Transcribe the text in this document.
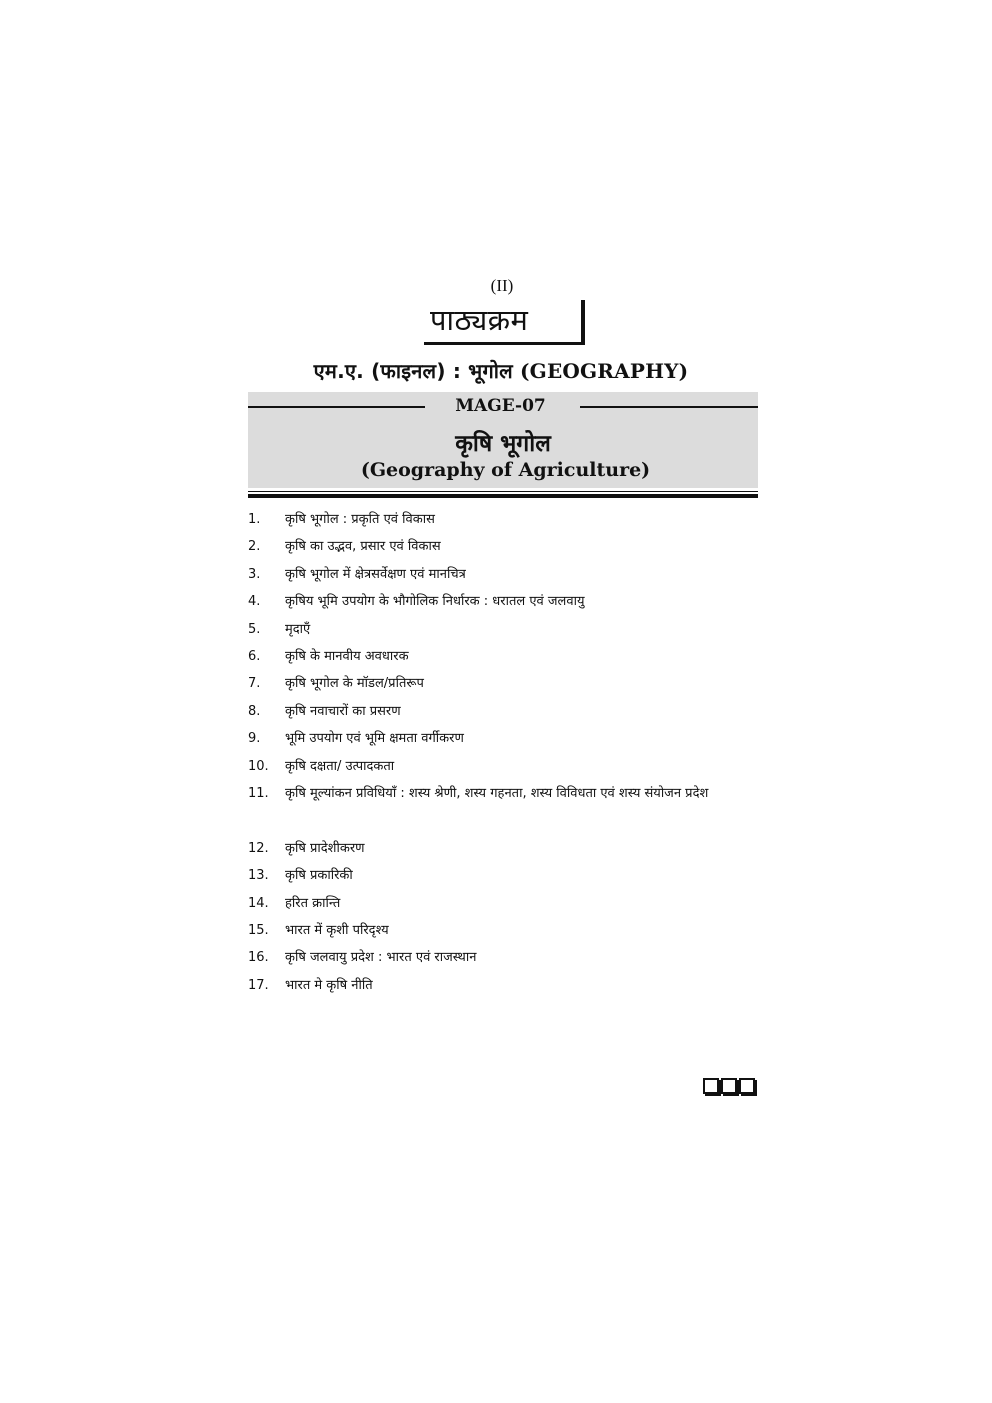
(II)
पाठ्यक्रम
एम.ए. (फाइनल) : भूगोल (GEOGRAPHY)
MAGE-07
कृषि भूगोल
(Geography of Agriculture)
1.	कृषि भूगोल : प्रकृति एवं विकास
2.	कृषि का उद्भव, प्रसार एवं विकास
3.	कृषि भूगोल में क्षेत्रसर्वेक्षण एवं मानचित्र
4.	कृषिय भूमि उपयोग के भौगोलिक निर्धारक : धरातल एवं जलवायु
5.	मृदाएँ
6.	कृषि के मानवीय अवधारक
7.	कृषि भूगोल के मॉडल/प्रतिरूप
8.	कृषि नवाचारों का प्रसरण
9.	भूमि उपयोग एवं भूमि क्षमता वर्गीकरण
10.	कृषि दक्षता/ उत्पादकता
11.	कृषि मूल्यांकन प्रविधियाँ : शस्य श्रेणी, शस्य गहनता, शस्य विविधता एवं शस्य संयोजन प्रदेश
12.	कृषि प्रादेशीकरण
13.	कृषि प्रकारिकी
14.	हरित क्रान्ति
15.	भारत में कृशी परिदृश्य
16.	कृषि जलवायु प्रदेश : भारत एवं राजस्थान
17.	भारत मे कृषि नीति
